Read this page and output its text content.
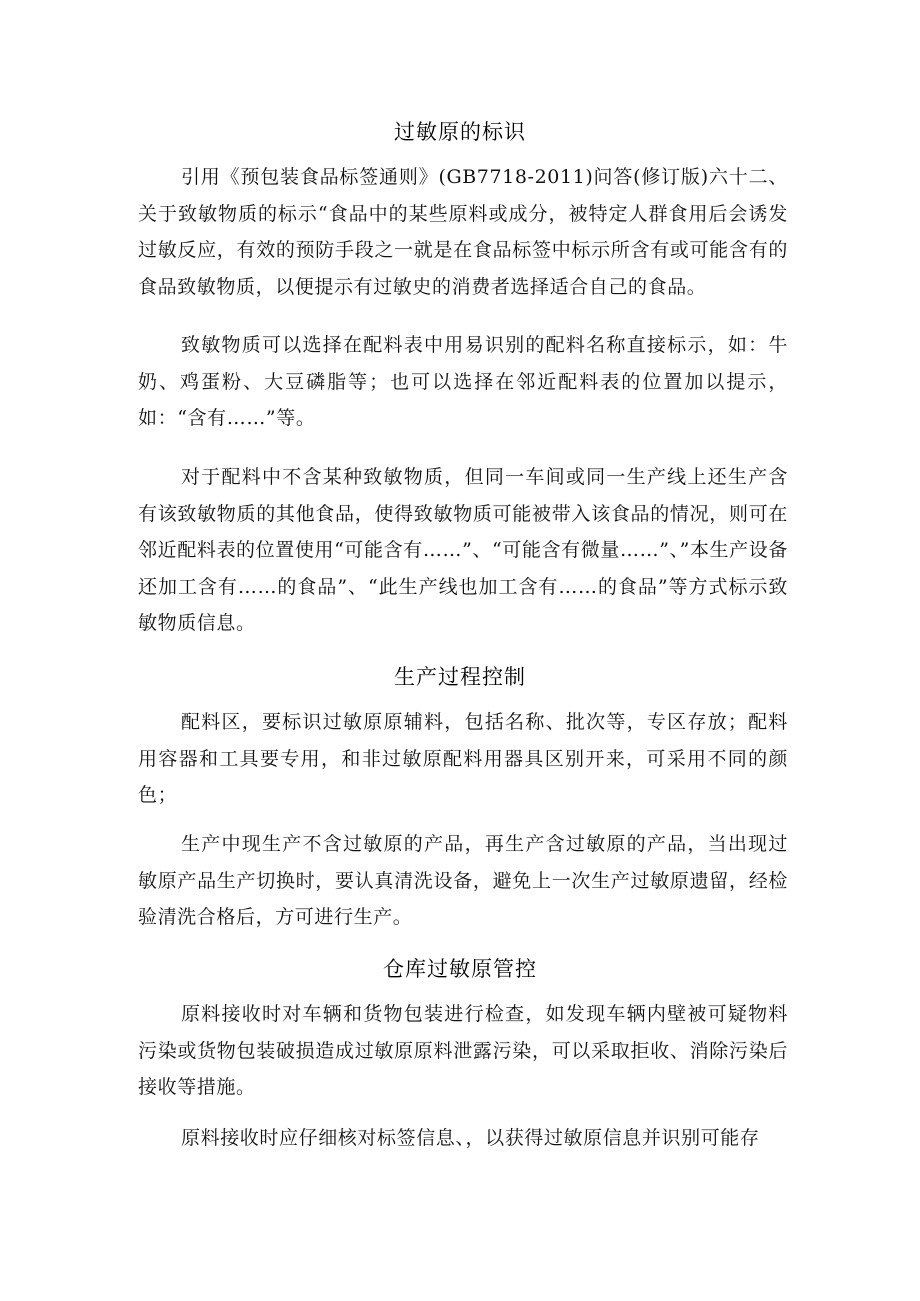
过敏原的标识

引用《预包装食品标签通则》(GB7718-2011)问答(修订版)六十二、关于致敏物质的标示“食品中的某些原料或成分，被特定人群食用后会诱发过敏反应，有效的预防手段之一就是在食品标签中标示所含有或可能含有的食品致敏物质，以便提示有过敏史的消费者选择适合自己的食品。

致敏物质可以选择在配料表中用易识别的配料名称直接标示，如：牛奶、鸡蛋粉、大豆磷脂等；也可以选择在邻近配料表的位置加以提示，如：“含有……”等。

对于配料中不含某种致敏物质，但同一车间或同一生产线上还生产含有该致敏物质的其他食品，使得致敏物质可能被带入该食品的情况，则可在邻近配料表的位置使用“可能含有……”、“可能含有微量……”、”本生产设备还加工含有……的食品”、“此生产线也加工含有……的食品”等方式标示致敏物质信息。

生产过程控制

配料区，要标识过敏原原辅料，包括名称、批次等，专区存放；配料用容器和工具要专用，和非过敏原配料用器具区别开来，可采用不同的颜色；

生产中现生产不含过敏原的产品，再生产含过敏原的产品，当出现过敏原产品生产切换时，要认真清洗设备，避免上一次生产过敏原遗留，经检验清洗合格后，方可进行生产。

仓库过敏原管控

原料接收时对车辆和货物包装进行检查，如发现车辆内壁被可疑物料污染或货物包装破损造成过敏原原料泄露污染，可以采取拒收、消除污染后接收等措施。

原料接收时应仔细核对标签信息、，以获得过敏原信息并识别可能存
